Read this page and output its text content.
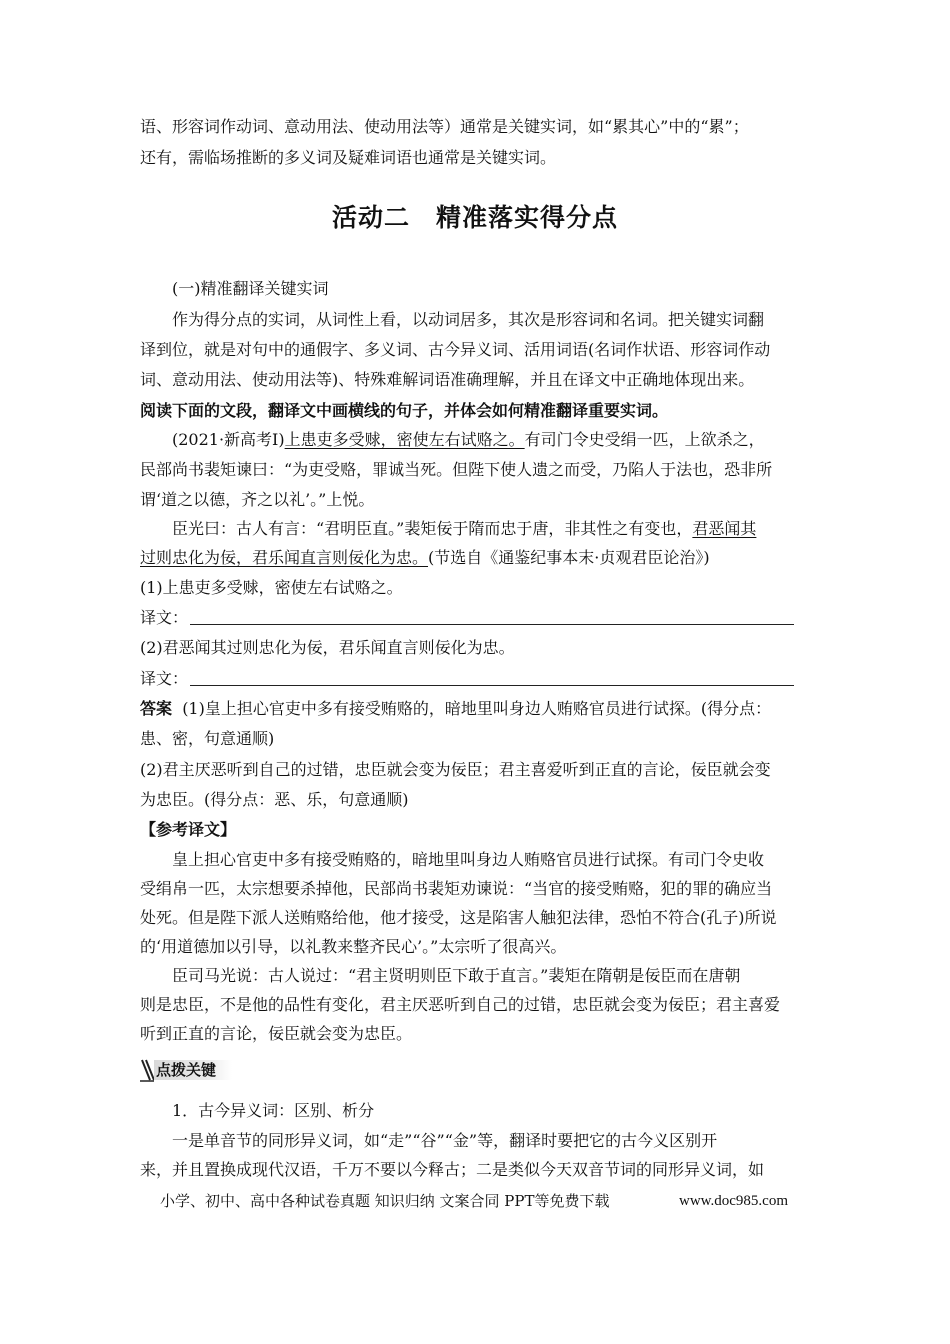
语、形容词作动词、意动用法、使动用法等）通常是关键实词，如“累其心”中的“累”；
还有，需临场推断的多义词及疑难词语也通常是关键实词。
活动二　精准落实得分点
(一)精准翻译关键实词
作为得分点的实词，从词性上看，以动词居多，其次是形容词和名词。把关键实词翻
译到位，就是对句中的通假字、多义词、古今异义词、活用词语(名词作状语、形容词作动
词、意动用法、使动用法等)、特殊难解词语准确理解，并且在译文中正确地体现出来。
阅读下面的文段，翻译文中画横线的句子，并体会如何精准翻译重要实词。
(2021·新高考Ⅰ)上患吏多受赇，密使左右试赂之。有司门令史受绢一匹，上欲杀之，
民部尚书裴矩谏曰：“为吏受赂，罪诚当死。但陛下使人遗之而受，乃陷人于法也，恐非所
谓‘道之以德，齐之以礼’。”上悦。
臣光曰：古人有言：“君明臣直。”裴矩佞于隋而忠于唐，非其性之有变也，君恶闻其
过则忠化为佞，君乐闻直言则佞化为忠。(节选自《通鉴纪事本末·贞观君臣论治》)
(1)上患吏多受赇，密使左右试赂之。
译文：
(2)君恶闻其过则忠化为佞，君乐闻直言则佞化为忠。
译文：
答案 (1)皇上担心官吏中多有接受贿赂的，暗地里叫身边人贿赂官员进行试探。(得分点：
患、密，句意通顺)
(2)君主厌恶听到自己的过错，忠臣就会变为佞臣；君主喜爱听到正直的言论，佞臣就会变
为忠臣。(得分点：恶、乐，句意通顺)
【参考译文】
皇上担心官吏中多有接受贿赂的，暗地里叫身边人贿赂官员进行试探。有司门令史收
受绢帛一匹，太宗想要杀掉他，民部尚书裴矩劝谏说：“当官的接受贿赂，犯的罪的确应当
处死。但是陛下派人送贿赂给他，他才接受，这是陷害人触犯法律，恐怕不符合(孔子)所说
的‘用道德加以引导，以礼教来整齐民心’。”太宗听了很高兴。
臣司马光说：古人说过：“君主贤明则臣下敢于直言。”裴矩在隋朝是佞臣而在唐朝
则是忠臣，不是他的品性有变化，君主厌恶听到自己的过错，忠臣就会变为佞臣；君主喜爱
听到正直的言论，佞臣就会变为忠臣。
点拨关键
1．古今异义词：区别、析分
一是单音节的同形异义词，如“走”“谷”“金”等，翻译时要把它的古今义区别开
来，并且置换成现代汉语，千万不要以今释古；二是类似今天双音节词的同形异义词，如
小学、初中、高中各种试卷真题 知识归纳 文案合同 PPT等免费下载	www.doc985.com
